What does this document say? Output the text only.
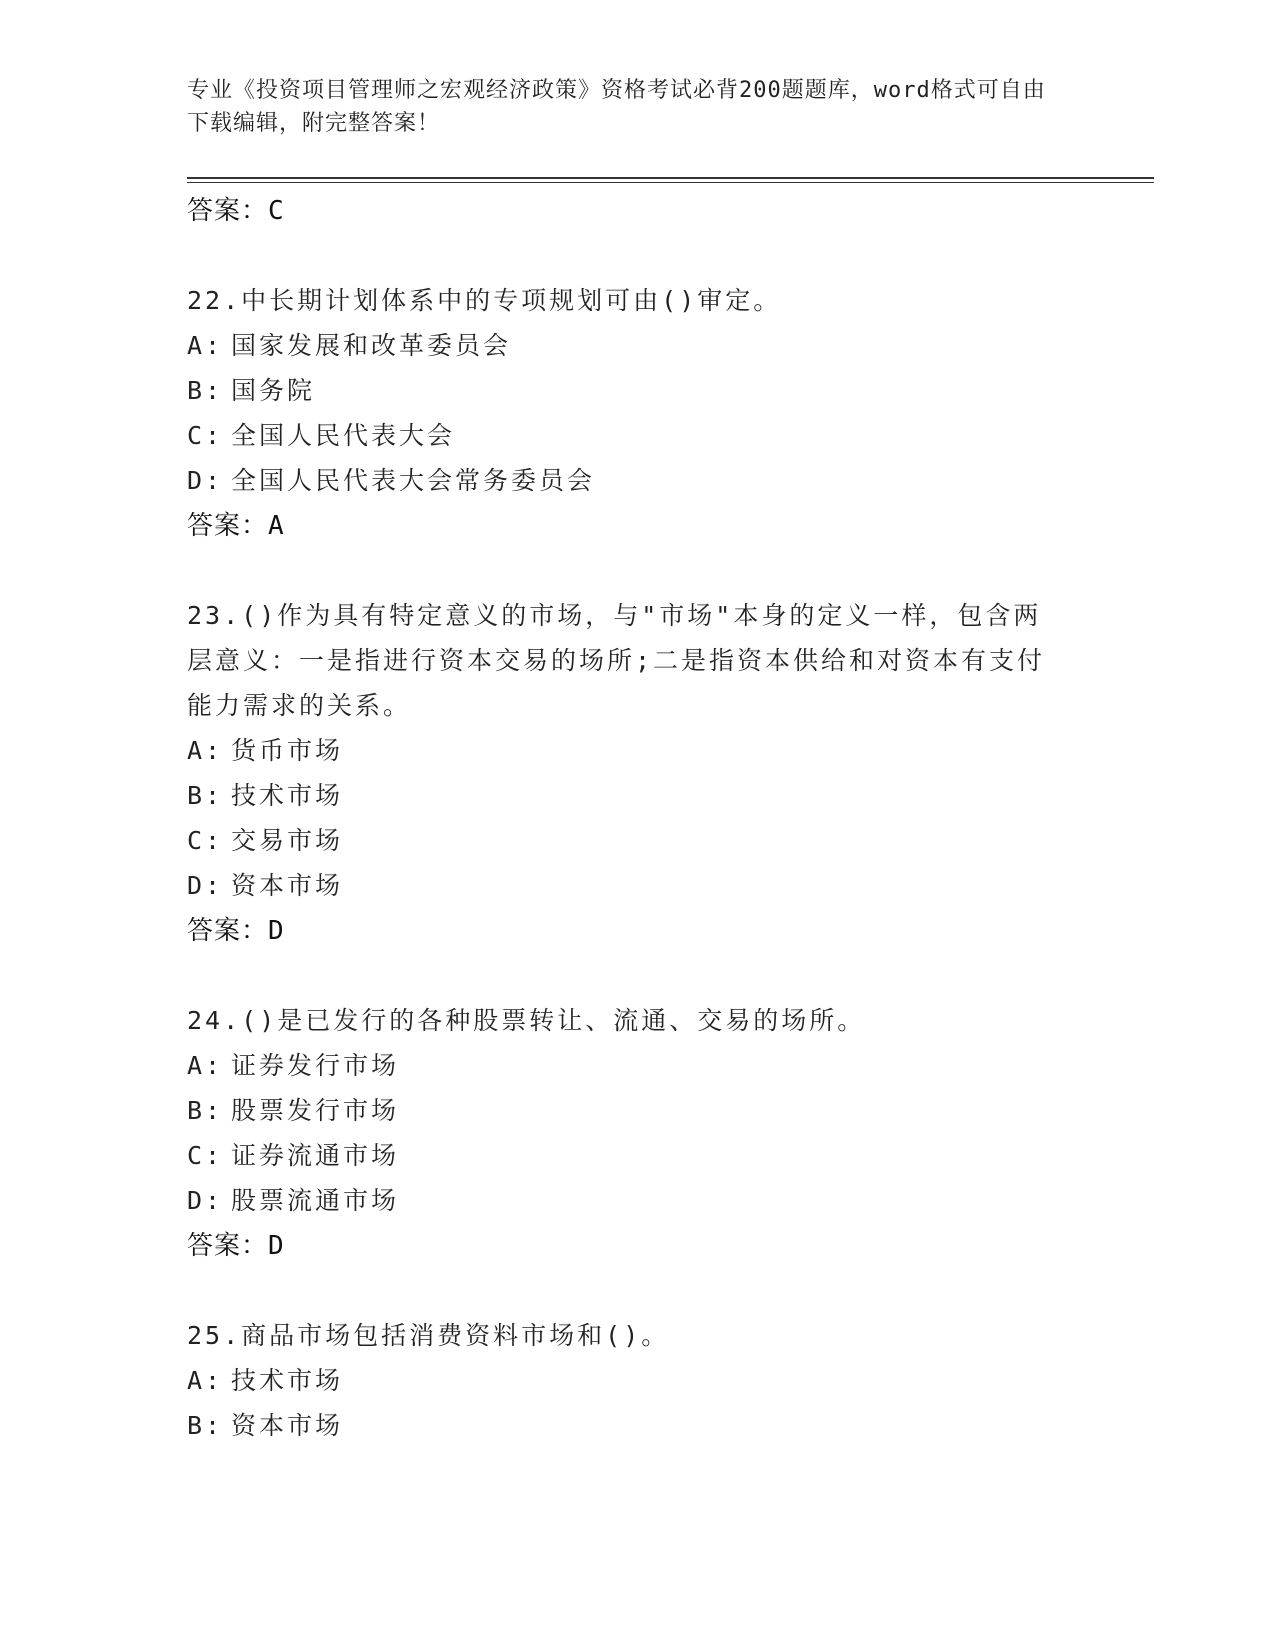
专业《投资项目管理师之宏观经济政策》资格考试必背200题题库，word格式可自由下载编辑，附完整答案！
答案：C
22.中长期计划体系中的专项规划可由()审定。
A: 国家发展和改革委员会
B: 国务院
C: 全国人民代表大会
D: 全国人民代表大会常务委员会
答案：A
23.()作为具有特定意义的市场，与"市场"本身的定义一样，包含两层意义：一是指进行资本交易的场所;二是指资本供给和对资本有支付能力需求的关系。
A: 货币市场
B: 技术市场
C: 交易市场
D: 资本市场
答案：D
24.()是已发行的各种股票转让、流通、交易的场所。
A: 证券发行市场
B: 股票发行市场
C: 证券流通市场
D: 股票流通市场
答案：D
25.商品市场包括消费资料市场和()。
A: 技术市场
B: 资本市场
